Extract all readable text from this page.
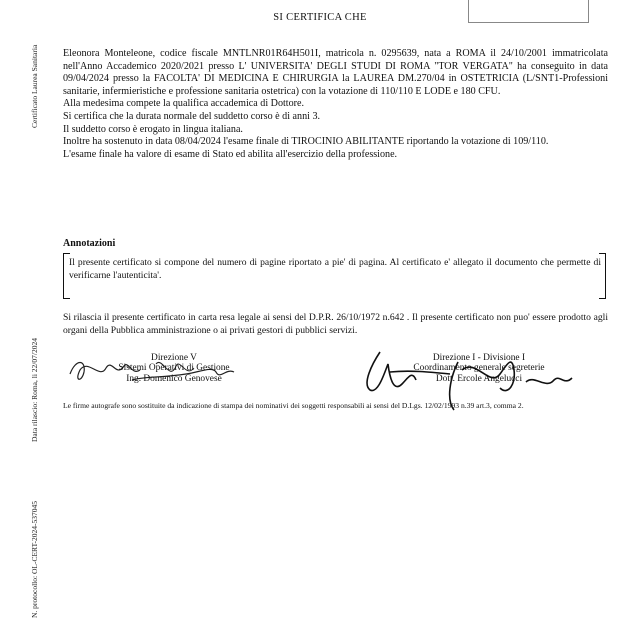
SI CERTIFICA CHE
Certificato Laurea Sanitaria
Data rilascio: Roma, li 22/07/2024
N. protocollo: OL-CERT-2024-537045

Eleonora Monteleone, codice fiscale MNTLNR01R64H501I, matricola n. 0295639, nata a ROMA il 24/10/2001 immatricolata nell'Anno Accademico 2020/2021 presso L' UNIVERSITA' DEGLI STUDI DI ROMA "TOR VERGATA" ha conseguito in data 09/04/2024 presso la FACOLTA' DI MEDICINA E CHIRURGIA la LAUREA DM.270/04 in OSTETRICIA (L/SNT1-Professioni sanitarie, infermieristiche e professione sanitaria ostetrica) con la votazione di 110/110 E LODE e 180 CFU.

Alla medesima compete la qualifica accademica di Dottore.

Si certifica che la durata normale del suddetto corso è di anni 3.

Il suddetto corso è erogato in lingua italiana.

Inoltre ha sostenuto in data 08/04/2024 l'esame finale di TIROCINIO ABILITANTE riportando la votazione di 109/110.

L'esame finale ha valore di esame di Stato ed abilita all'esercizio della professione.

Annotazioni
Il presente certificato si compone del numero di pagine riportato a pie' di pagina. Al certificato e' allegato il documento che permette di verificarne l'autenticita'.
Si rilascia il presente certificato in carta resa legale ai sensi del D.P.R. 26/10/1972 n.642 . Il presente certificato non puo' essere prodotto agli organi della Pubblica amministrazione o ai privati gestori di pubblici servizi.
Direzione V
Sistemi Operativi di Gestione
Ing. Domenico Genovese
Direzione I - Divisione I
Coordinamento generale segreterie
Dott. Ercole Angelucci
Le firme autografe sono sostituite da indicazione di stampa dei nominativi dei soggetti responsabili ai sensi del D.Lgs. 12/02/1993 n.39 art.3, comma 2.
